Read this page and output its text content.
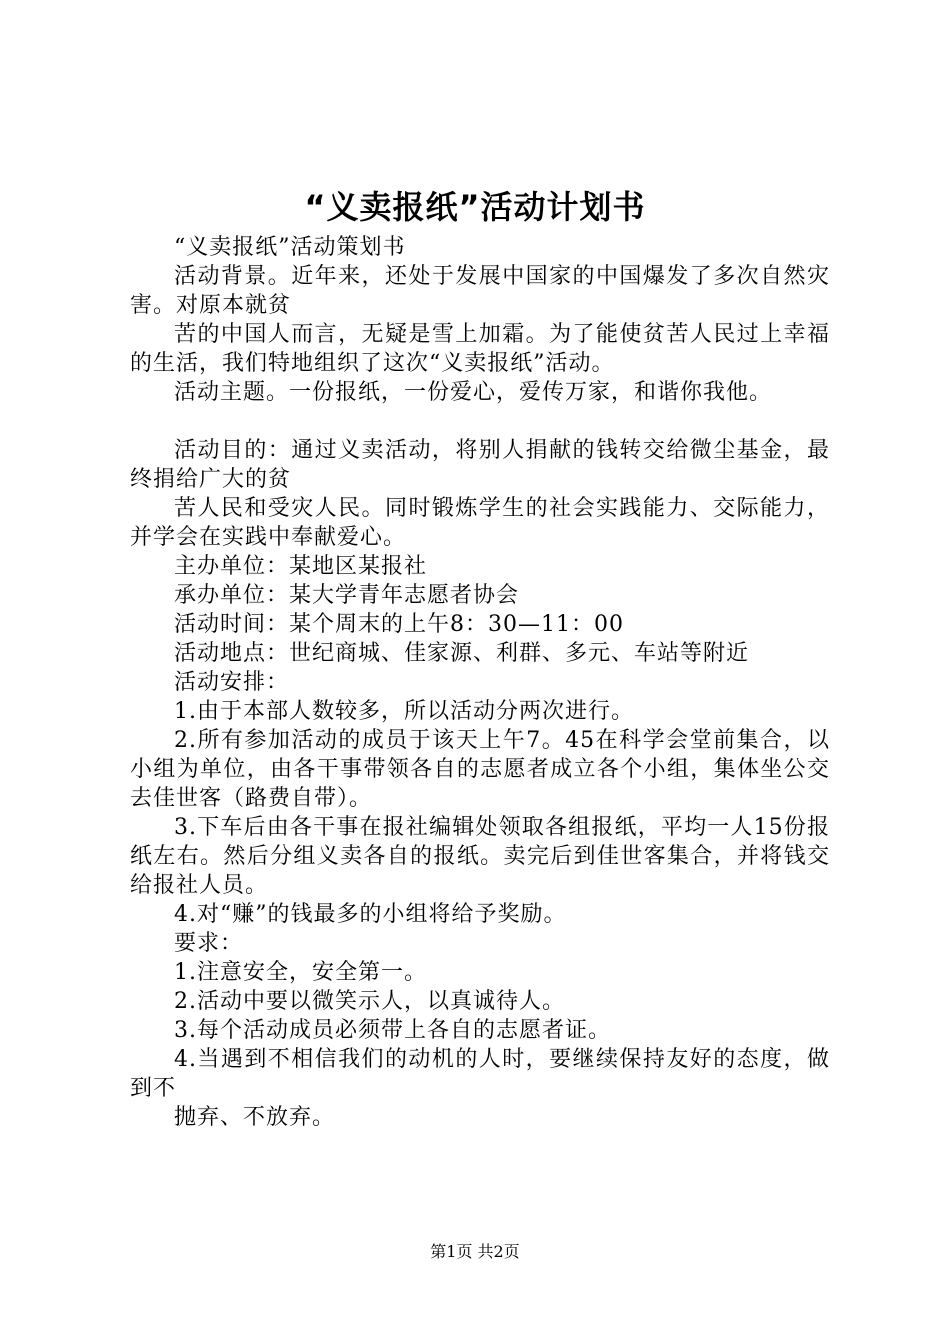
“义卖报纸”活动计划书

“义卖报纸”活动策划书

活动背景。近年来，还处于发展中国家的中国爆发了多次自然灾害。对原本就贫

苦的中国人而言，无疑是雪上加霜。为了能使贫苦人民过上幸福的生活，我们特地组织了这次“义卖报纸”活动。

活动主题。一份报纸，一份爱心，爱传万家，和谐你我他。

活动目的：通过义卖活动，将别人捐献的钱转交给微尘基金，最终捐给广大的贫

苦人民和受灾人民。同时锻炼学生的社会实践能力、交际能力，并学会在实践中奉献爱心。

主办单位：某地区某报社

承办单位：某大学青年志愿者协会

活动时间：某个周末的上午8：30—11：00

活动地点：世纪商城、佳家源、利群、多元、车站等附近

活动安排：

1.由于本部人数较多，所以活动分两次进行。

2.所有参加活动的成员于该天上午7。45在科学会堂前集合，以小组为单位，由各干事带领各自的志愿者成立各个小组，集体坐公交去佳世客（路费自带）。

3.下车后由各干事在报社编辑处领取各组报纸，平均一人15份报纸左右。然后分组义卖各自的报纸。卖完后到佳世客集合，并将钱交给报社人员。

4.对“赚”的钱最多的小组将给予奖励。

要求：

1.注意安全，安全第一。

2.活动中要以微笑示人，以真诚待人。

3.每个活动成员必须带上各自的志愿者证。

4.当遇到不相信我们的动机的人时，要继续保持友好的态度，做到不

抛弃、不放弃。

第1页 共2页
